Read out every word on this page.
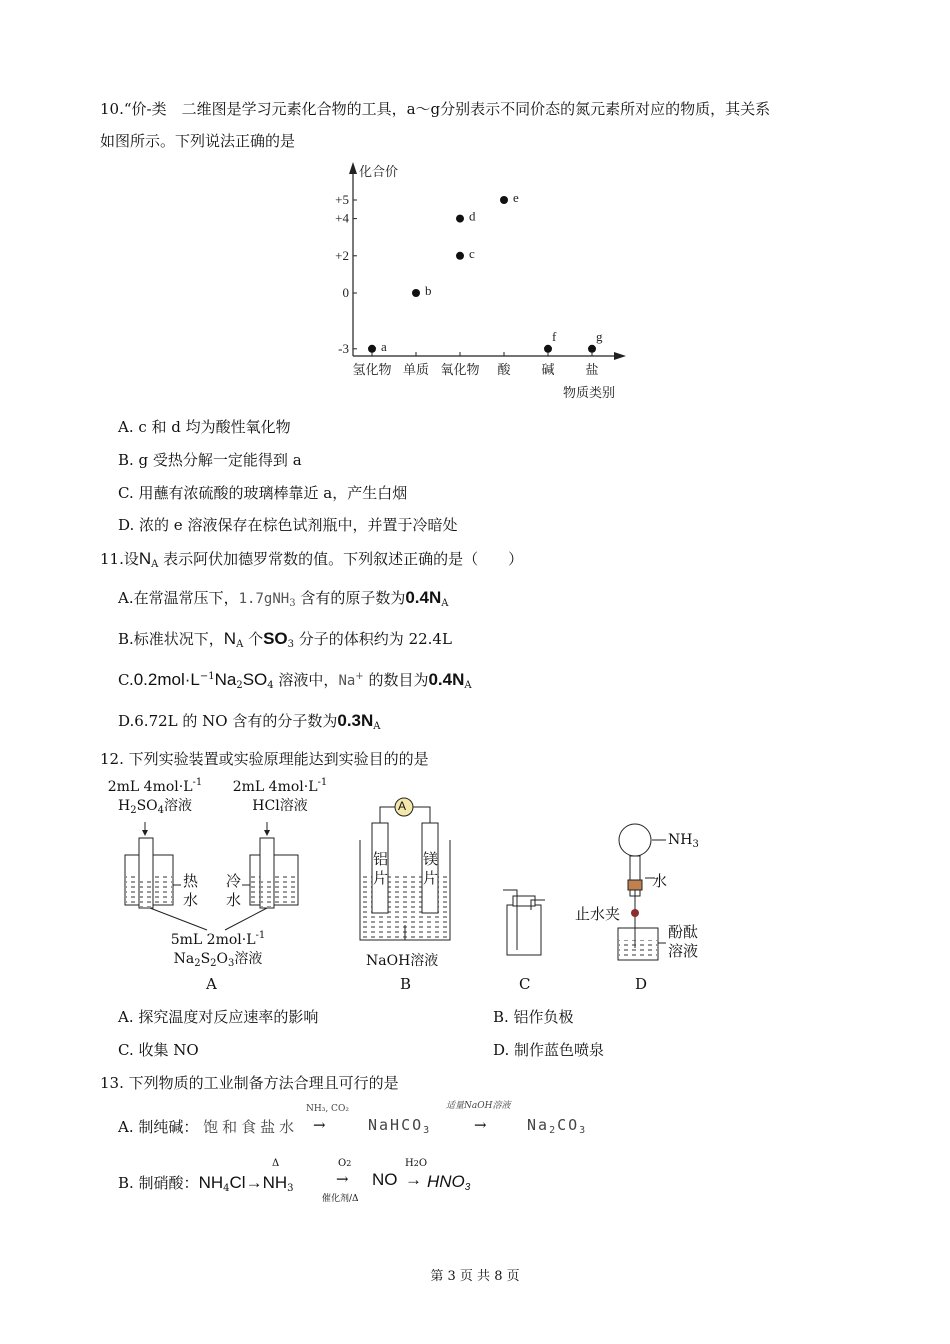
10.“价-类　二维图是学习元素化合物的工具，a～g分别表示不同价态的氮元素所对应的物质，其关系
如图所示。下列说法正确的是
化合价
+5
+4
+2
0
-3
氢化物 单质 氧化物 酸 碱 盐
a
b
c
d
e
f	g
物质类别
A. c 和 d 均为酸性氧化物
B. g 受热分解一定能得到 a
C. 用蘸有浓硫酸的玻璃棒靠近 a，产生白烟
D. 浓的 e 溶液保存在棕色试剂瓶中，并置于冷暗处
11.设$N_A$ 表示阿伏加德罗常数的值。下列叙述正确的是（　　）
A.在常温常压下，1.7gNH$_3$ 含有的原子数为$0.4N_A$
B.标准状况下，$N_A$ 个$SO_3$ 分子的体积约为 22.4L
$C.0.2mol\cdot L^{-1}Na_2SO_4$ 溶液中，Na+ 的数目为$0.4N_A$
D.6.72L 的 NO 含有的分子数为$0.3N_A$
12. 下列实验装置或实验原理能达到实验目的的是
2mL $4mol\cdot L^{-1}$
$H_2SO_4$溶液
2mL $4mol\cdot L^{-1}$
HCl溶液
热
水
冷
水
5mL $2mol\cdot L^{-1}$
$Na_2S_2O_3$溶液
A
A
铝
片
镁
片
NaOH溶液
B	C
$NH_3$
水
止水夹
酚酞
溶液
D
A. 探究温度对反应速率的影响	B. 铝作负极
C. 收集 NO	D. 制作蓝色喷泉
13. 下列物质的工业制备方法合理且可行的是
A. 制纯碱： 饱和食盐水
NH₃, CO₂
→	NaHCO$_3$
适量NaOH溶液
→	$Na_2CO_3$
B. 制硝酸：$NH_4Cl\to NH_3$
Δ	O2
→
催化剂/Δ
NO
H2O
→ $HNO_3$
第 3 页 共 8 页
